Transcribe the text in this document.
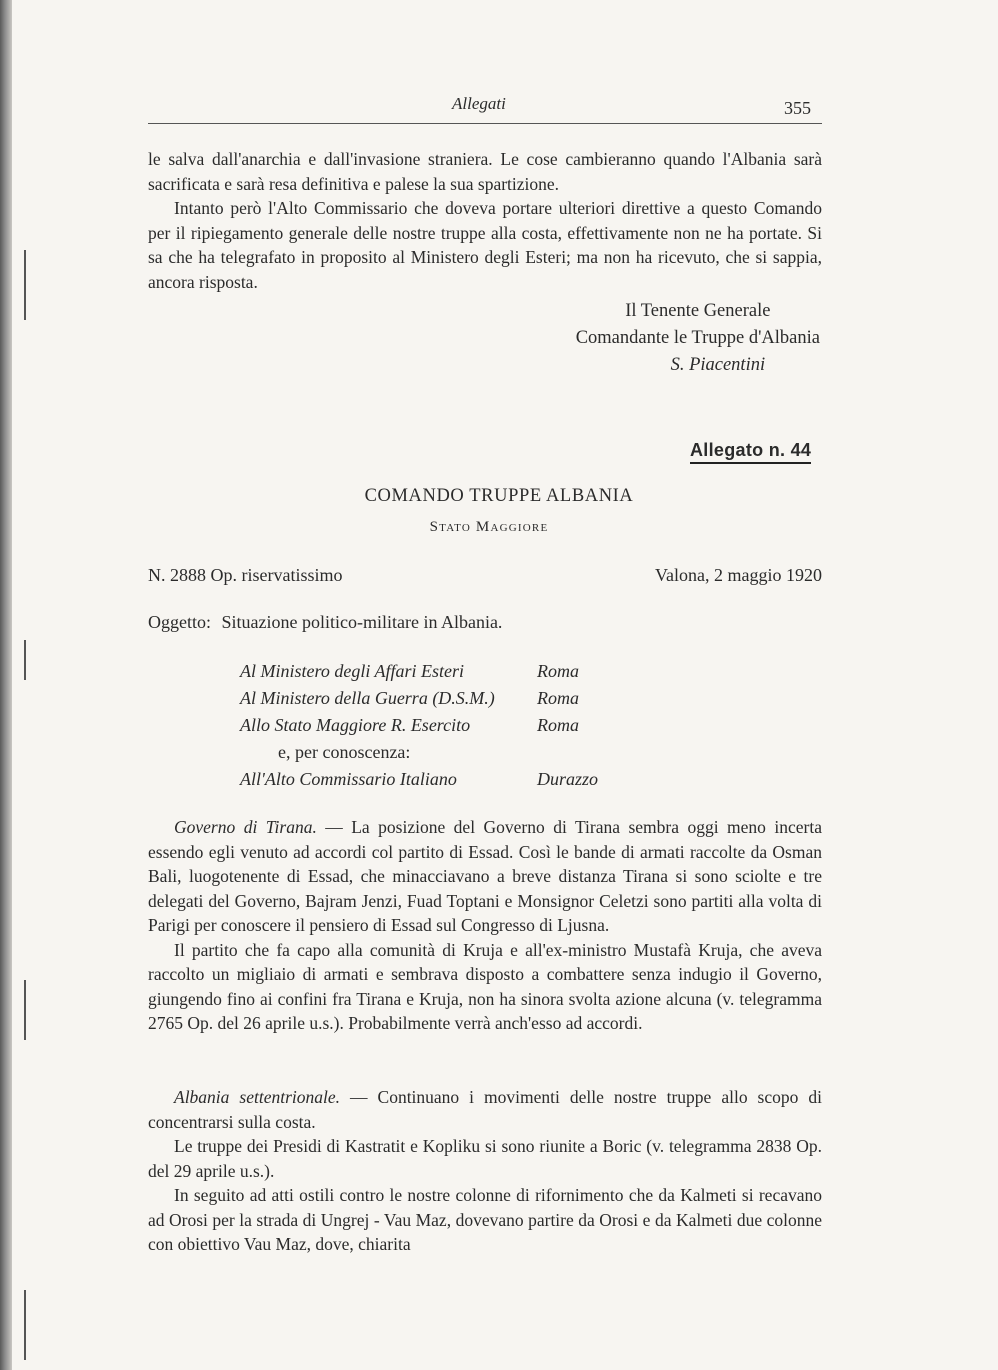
Allegati	355

le salva dall'anarchia e dall'invasione straniera. Le cose cambieranno quando l'Albania sarà sacrificata e sarà resa definitiva e palese la sua spartizione.

Intanto però l'Alto Commissario che doveva portare ulteriori direttive a questo Comando per il ripiegamento generale delle nostre truppe alla costa, effettivamente non ne ha portate. Si sa che ha telegrafato in proposito al Ministero degli Esteri; ma non ha ricevuto, che si sappia, ancora risposta.

Il Tenente Generale
Comandante le Truppe d'Albania
S. Piacentini
Allegato n. 44
COMANDO TRUPPE ALBANIA
Stato Maggiore
N. 2888 Op. riservatissimo	Valona, 2 maggio 1920
Oggetto: Situazione politico-militare in Albania.
Al Ministero degli Affari Esteri	Roma
Al Ministero della Guerra (D.S.M.) Roma
Allo Stato Maggiore R. Esercito	Roma
e, per conoscenza:
All'Alto Commissario Italiano	Durazzo

Governo di Tirana. — La posizione del Governo di Tirana sembra oggi meno incerta essendo egli venuto ad accordi col partito di Essad. Così le bande di armati raccolte da Osman Bali, luogotenente di Essad, che minacciavano a breve distanza Tirana si sono sciolte e tre delegati del Governo, Bajram Jenzi, Fuad Toptani e Monsignor Celetzi sono partiti alla volta di Parigi per conoscere il pensiero di Essad sul Congresso di Ljusna.

Il partito che fa capo alla comunità di Kruja e all'ex-ministro Mustafà Kruja, che aveva raccolto un migliaio di armati e sembrava disposto a combattere senza indugio il Governo, giungendo fino ai confini fra Tirana e Kruja, non ha sinora svolta azione alcuna (v. telegramma 2765 Op. del 26 aprile u.s.). Probabilmente verrà anch'esso ad accordi.

Albania settentrionale. — Continuano i movimenti delle nostre truppe allo scopo di concentrarsi sulla costa.

Le truppe dei Presidi di Kastratit e Kopliku si sono riunite a Boric (v. telegramma 2838 Op. del 29 aprile u.s.).

In seguito ad atti ostili contro le nostre colonne di rifornimento che da Kalmeti si recavano ad Orosi per la strada di Ungrej - Vau Maz, dovevano partire da Orosi e da Kalmeti due colonne con obiettivo Vau Maz, dove, chiarita
